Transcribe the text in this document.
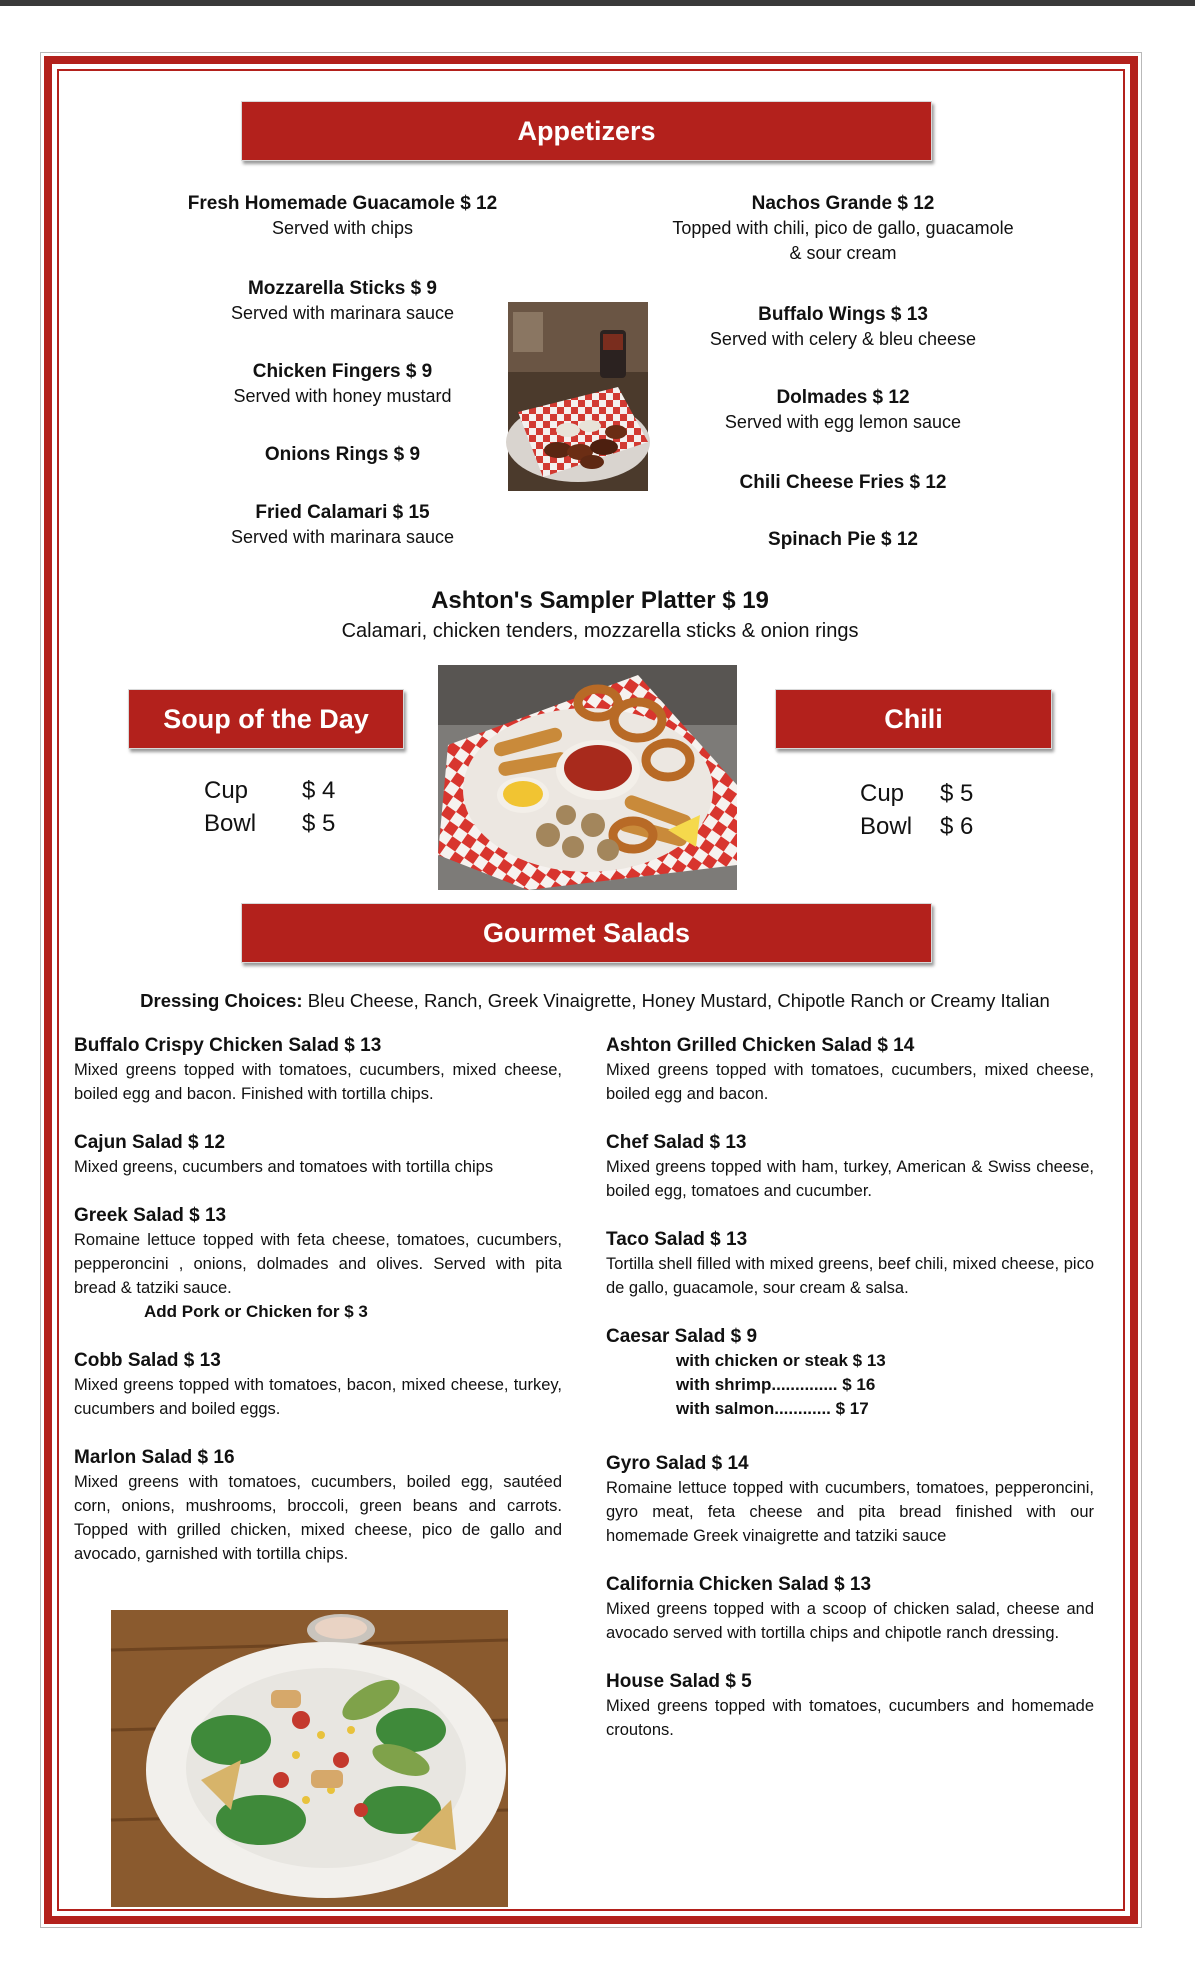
Appetizers
Fresh Homemade Guacamole $ 12
Served with chips
Mozzarella Sticks $ 9
Served with marinara sauce
Chicken Fingers $ 9
Served with honey mustard
Onions Rings $ 9
Fried Calamari $ 15
Served with marinara sauce
Nachos Grande $ 12
Topped with chili, pico de gallo, guacamole
& sour cream
Buffalo Wings $ 13
Served with celery & bleu cheese
Dolmades $ 12
Served with egg lemon sauce
Chili Cheese Fries $ 12
Spinach Pie $ 12
Ashton's Sampler Platter $ 19
Calamari, chicken tenders, mozzarella sticks & onion rings
Soup of the Day
Cup $ 4
Bowl $ 5
Chili
Cup $ 5
Bowl $ 6
Gourmet Salads
Dressing Choices: Bleu Cheese, Ranch, Greek Vinaigrette, Honey Mustard, Chipotle Ranch or Creamy Italian
Buffalo Crispy Chicken Salad $ 13
Mixed greens topped with tomatoes, cucumbers, mixed cheese, boiled egg and bacon. Finished with tortilla chips.
Cajun Salad $ 12
Mixed greens, cucumbers and tomatoes with tortilla chips
Greek Salad $ 13
Romaine lettuce topped with feta cheese, tomatoes, cucumbers, pepperoncini , onions, dolmades and olives. Served with pita bread & tatziki sauce.
Add Pork or Chicken for $ 3
Cobb Salad $ 13
Mixed greens topped with tomatoes, bacon, mixed cheese, turkey, cucumbers and boiled eggs.
Marlon Salad $ 16
Mixed greens with tomatoes, cucumbers, boiled egg, sautéed corn, onions, mushrooms, broccoli, green beans and carrots. Topped with grilled chicken, mixed cheese, pico de gallo and avocado, garnished with tortilla chips.
Ashton Grilled Chicken Salad $ 14
Mixed greens topped with tomatoes, cucumbers, mixed cheese, boiled egg and bacon.
Chef Salad $ 13
Mixed greens topped with ham, turkey, American & Swiss cheese, boiled egg, tomatoes and cucumber.
Taco Salad $ 13
Tortilla shell filled with mixed greens, beef chili, mixed cheese, pico de gallo, guacamole, sour cream & salsa.
Caesar Salad $ 9
with chicken or steak $ 13
with shrimp.............. $ 16
with salmon............ $ 17
Gyro Salad $ 14
Romaine lettuce topped with cucumbers, tomatoes, pepperoncini, gyro meat, feta cheese and pita bread finished with our homemade Greek vinaigrette and tatziki sauce
California Chicken Salad $ 13
Mixed greens topped with a scoop of chicken salad, cheese and avocado served with tortilla chips and chipotle ranch dressing.
House Salad $ 5
Mixed greens topped with tomatoes, cucumbers and homemade croutons.
